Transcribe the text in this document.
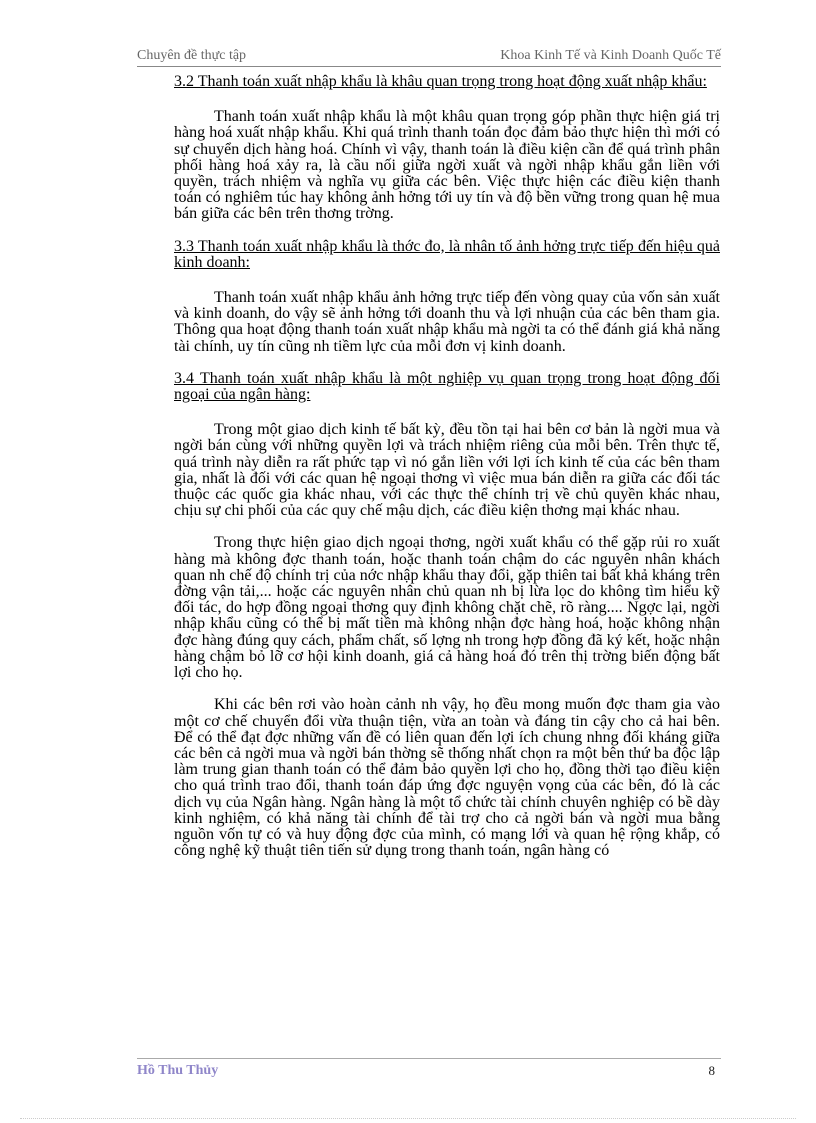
Chuyên đề thực tập	Khoa Kinh Tế và Kinh Doanh Quốc Tế

3.2 Thanh toán xuất nhập khẩu là khâu quan trọng trong hoạt động xuất nhập khẩu:

Thanh toán xuất nhập khẩu là một khâu quan trọng góp phần thực hiện giá trị hàng hoá xuất nhập khẩu. Khi quá trình thanh toán đọc đảm bảo thực hiện thì mới có sự chuyển dịch hàng hoá. Chính vì vậy, thanh toán là điều kiện cần để quá trình phân phối hàng hoá xảy ra, là cầu nối giữa ngời xuất và ngời nhập khẩu gắn liền với quyền, trách nhiệm và nghĩa vụ giữa các bên. Việc thực hiện các điều kiện thanh toán có nghiêm túc hay không ảnh hởng tới uy tín và độ bền vững trong quan hệ mua bán giữa các bên trên thơng trờng.

3.3 Thanh toán xuất nhập khẩu là thớc đo, là nhân tố ảnh hởng trực tiếp đến hiệu quả kinh doanh:

Thanh toán xuất nhập khẩu ảnh hởng trực tiếp đến vòng quay của vốn sản xuất và kinh doanh, do vậy sẽ ảnh hởng tới doanh thu và lợi nhuận của các bên tham gia. Thông qua hoạt động thanh toán xuất nhập khẩu mà ngời ta có thể đánh giá khả năng tài chính, uy tín cũng nh tiềm lực của mỗi đơn vị kinh doanh.

3.4 Thanh toán xuất nhập khẩu là một nghiệp vụ quan trọng trong hoạt động đối ngoại của ngân hàng:

Trong một giao dịch kinh tế bất kỳ, đều tồn tại hai bên cơ bản là ngời mua và ngời bán cùng với những quyền lợi và trách nhiệm riêng của mỗi bên. Trên thực tế, quá trình này diễn ra rất phức tạp vì nó gắn liền với lợi ích kinh tế của các bên tham gia, nhất là đối với các quan hệ ngoại thơng vì việc mua bán diễn ra giữa các đối tác thuộc các quốc gia khác nhau, với các thực thể chính trị về chủ quyền khác nhau, chịu sự chi phối của các quy chế mậu dịch, các điều kiện thơng mại khác nhau.

Trong thực hiện giao dịch ngoại thơng, ngời xuất khẩu có thể gặp rủi ro xuất hàng mà không đợc thanh toán, hoặc thanh toán chậm do các nguyên nhân khách quan nh chế độ chính trị của nớc nhập khẩu thay đổi, gặp thiên tai bất khả kháng trên đờng vận tải,... hoặc các nguyên nhân chủ quan nh bị lừa lọc do không tìm hiểu kỹ đối tác, do hợp đồng ngoại thơng quy định không chặt chẽ, rõ ràng.... Ngợc lại, ngời nhập khẩu cũng có thể bị mất tiền mà không nhận đợc hàng hoá, hoặc không nhận đợc hàng đúng quy cách, phẩm chất, số lợng nh trong hợp đồng đã ký kết, hoặc nhận hàng chậm bỏ lỡ cơ hội kinh doanh, giá cả hàng hoá đó trên thị trờng biến động bất lợi cho họ.

Khi các bên rơi vào hoàn cảnh nh vậy, họ đều mong muốn đợc tham gia vào một cơ chế chuyển đổi vừa thuận tiện, vừa an toàn và đáng tin cậy cho cả hai bên. Để có thể đạt đợc những vấn đề có liên quan đến lợi ích chung nhng đối kháng giữa các bên cả ngời mua và ngời bán thờng sẽ thống nhất chọn ra một bên thứ ba độc lập làm trung gian thanh toán có thể đảm bảo quyền lợi cho họ, đồng thời tạo điều kiện cho quá trình trao đổi, thanh toán đáp ứng đợc nguyện vọng của các bên, đó là các dịch vụ của Ngân hàng. Ngân hàng là một tổ chức tài chính chuyên nghiệp có bề dày kinh nghiệm, có khả năng tài chính để tài trợ cho cả ngời bán và ngời mua bằng nguồn vốn tự có và huy động đợc của mình, có mạng lới và quan hệ rộng khắp, có công nghệ kỹ thuật tiên tiến sử dụng trong thanh toán, ngân hàng có

Hồ Thu Thủy	8
